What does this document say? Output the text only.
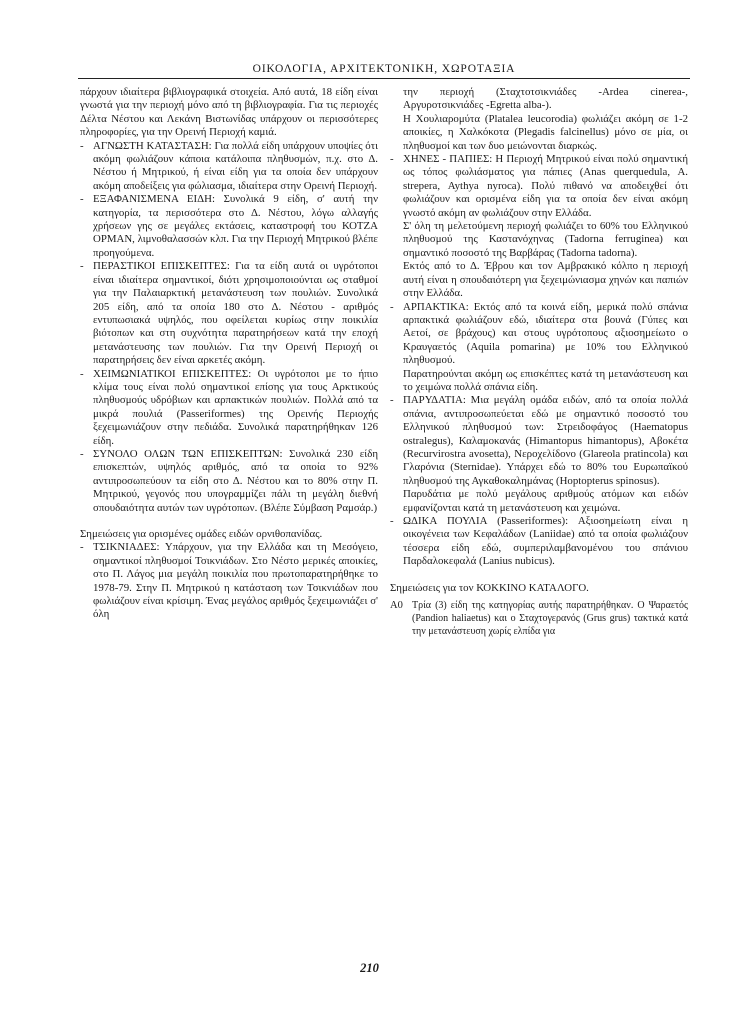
ΟΙΚΟΛΟΓΙΑ, ΑΡΧΙΤΕΚΤΟΝΙΚΗ, ΧΩΡΟΤΑΞΙΑ

πάρχουν ιδιαίτερα βιβλιογραφικά στοιχεία. Από αυτά, 18 είδη είναι γνωστά για την περιοχή μόνο από τη βιβλιογραφία. Για τις περιοχές Δέλτα Νέστου και Λεκάνη Βιστωνίδας υπάρχουν οι περισσότερες πληροφορίες, για την Ορεινή Περιοχή καμιά.

- ΑΓΝΩΣΤΗ ΚΑΤΑΣΤΑΣΗ: Για πολλά είδη υπάρχουν υποψίες ότι ακόμη φωλιάζουν κάποια κατάλοιπα πληθυσμών, π.χ. στο Δ. Νέστου ή Μητρικού, ή είναι είδη για τα οποία δεν υπάρχουν ακόμη αποδείξεις για φώλιασμα, ιδιαίτερα στην Ορεινή Περιοχή.

- ΕΞΑΦΑΝΙΣΜΕΝΑ ΕΙΔΗ: Συνολικά 9 είδη, σ' αυτή την κατηγορία, τα περισσότερα στο Δ. Νέστου, λόγω αλλαγής χρήσεων γης σε μεγάλες εκτάσεις, καταστροφή του ΚΟΤΖΑ ΟΡΜΑΝ, λιμνοθαλασσών κλπ. Για την Περιοχή Μητρικού βλέπε προηγούμενα.

- ΠΕΡΑΣΤΙΚΟΙ ΕΠΙΣΚΕΠΤΕΣ: Για τα είδη αυτά οι υγρότοποι είναι ιδιαίτερα σημαντικοί, διότι χρησιμοποιούνται ως σταθμοί για την Παλαιαρκτική μετανάστευση των πουλιών. Συνολικά 205 είδη, από τα οποία 180 στο Δ. Νέστου - αριθμός εντυπωσιακά υψηλός, που οφείλεται κυρίως στην ποικιλία βιότοπων και στη συχνότητα παρατηρήσεων κατά την εποχή μετανάστευσης των πουλιών. Για την Ορεινή Περιοχή οι παρατηρήσεις δεν είναι αρκετές ακόμη.

- ΧΕΙΜΩΝΙΑΤΙΚΟΙ ΕΠΙΣΚΕΠΤΕΣ: Οι υγρότοποι με το ήπιο κλίμα τους είναι πολύ σημαντικοί επίσης για τους Αρκτικούς πληθυσμούς υδρόβιων και αρπακτικών πουλιών. Πολλά από τα μικρά πουλιά (Passeriformes) της Ορεινής Περιοχής ξεχειμωνιάζουν στην πεδιάδα. Συνολικά παρατηρήθηκαν 126 είδη.

- ΣΥΝΟΛΟ ΟΛΩΝ ΤΩΝ ΕΠΙΣΚΕΠΤΩΝ: Συνολικά 230 είδη επισκεπτών, υψηλός αριθμός, από τα οποία το 92% αντιπροσωπεύουν τα είδη στο Δ. Νέστου και το 80% στην Π. Μητρικού, γεγονός που υπογραμμίζει πάλι τη μεγάλη διεθνή σπουδαιότητα αυτών των υγρότοπων. (Βλέπε Σύμβαση Ραμσάρ.)

Σημειώσεις για ορισμένες ομάδες ειδών ορνιθοπανίδας.

- ΤΣΙΚΝΙΑΔΕΣ: Υπάρχουν, για την Ελλάδα και τη Μεσόγειο, σημαντικοί πληθυσμοί Τσικνιάδων. Στο Νέστο μερικές αποικίες, στο Π. Λάγος μια μεγάλη ποικιλία που πρωτοπαρατηρήθηκε το 1978-79. Στην Π. Μητρικού η κατάσταση των Τσικνιάδων που φωλιάζουν είναι κρίσιμη. Ένας μεγάλος αριθμός ξεχειμωνιάζει σ' όλη

την περιοχή (Σταχτοτσικνιάδες -Ardea cinerea-, Αργυροτσικνιάδες -Egretta alba-).

Η Χουλιαρομύτα (Platalea leucorodia) φωλιάζει ακόμη σε 1-2 αποικίες, η Χαλκόκοτα (Plegadis falcinellus) μόνο σε μία, οι πληθυσμοί και των δυο μειώνονται διαρκώς.

- ΧΗΝΕΣ - ΠΑΠΙΕΣ: Η Περιοχή Μητρικού είναι πολύ σημαντική ως τόπος φωλιάσματος για πάπιες (Anas querquedula, A. strepera, Aythya nyroca). Πολύ πιθανό να αποδειχθεί ότι φωλιάζουν και ορισμένα είδη για τα οποία δεν είναι ακόμη γνωστό ακόμη αν φωλιάζουν στην Ελλάδα.

Σ' όλη τη μελετούμενη περιοχή φωλιάζει το 60% του Ελληνικού πληθυσμού της Καστανόχηνας (Tadorna ferruginea) και σημαντικό ποσοστό της Βαρβάρας (Tadorna tadorna).

Εκτός από το Δ. Έβρου και τον Αμβρακικό κόλπο η περιοχή αυτή είναι η σπουδαιότερη για ξεχειμώνιασμα χηνών και παπιών στην Ελλάδα.

- ΑΡΠΑΚΤΙΚΑ: Εκτός από τα κοινά είδη, μερικά πολύ σπάνια αρπακτικά φωλιάζουν εδώ, ιδιαίτερα στα βουνά (Γύπες και Αετοί, σε βράχους) και στους υγρότοπους αξιοσημείωτο ο Κραυγαετός (Aquila pomarina) με 10% του Ελληνικού πληθυσμού.

Παρατηρούνται ακόμη ως επισκέπτες κατά τη μετανάστευση και το χειμώνα πολλά σπάνια είδη.

- ΠΑΡΥΔΑΤΙΑ: Μια μεγάλη ομάδα ειδών, από τα οποία πολλά σπάνια, αντιπροσωπεύεται εδώ με σημαντικό ποσοστό του Ελληνικού πληθυσμού των: Στρειδοφάγος (Haematopus ostralegus), Καλαμοκανάς (Himantopus himantopus), Αβοκέτα (Recurvirostra avosetta), Νεροχελίδονο (Glareola pratincola) και Γλαρόνια (Sternidae). Υπάρχει εδώ το 80% του Ευρωπαϊκού πληθυσμού της Αγκαθοκαλημάνας (Hoptopterus spinosus).

Παρυδάτια με πολύ μεγάλους αριθμούς ατόμων και ειδών εμφανίζονται κατά τη μετανάστευση και χειμώνα.

- ΩΔΙΚΑ ΠΟΥΛΙΑ (Passeriformes): Αξιοσημείωτη είναι η οικογένεια των Κεφαλάδων (Laniidae) από τα οποία φωλιάζουν τέσσερα είδη εδώ, συμπεριλαμβανομένου του σπάνιου Παρδαλοκεφαλά (Lanius nubicus).

Σημειώσεις για τον ΚΟΚΚΙΝΟ ΚΑΤΑΛΟΓΟ.

Α0 Τρία (3) είδη της κατηγορίας αυτής παρατηρήθηκαν. Ο Ψαραετός (Pandion haliaetus) και ο Σταχτογερανός (Grus grus) τακτικά κατά την μετανάστευση χωρίς ελπίδα για

210
